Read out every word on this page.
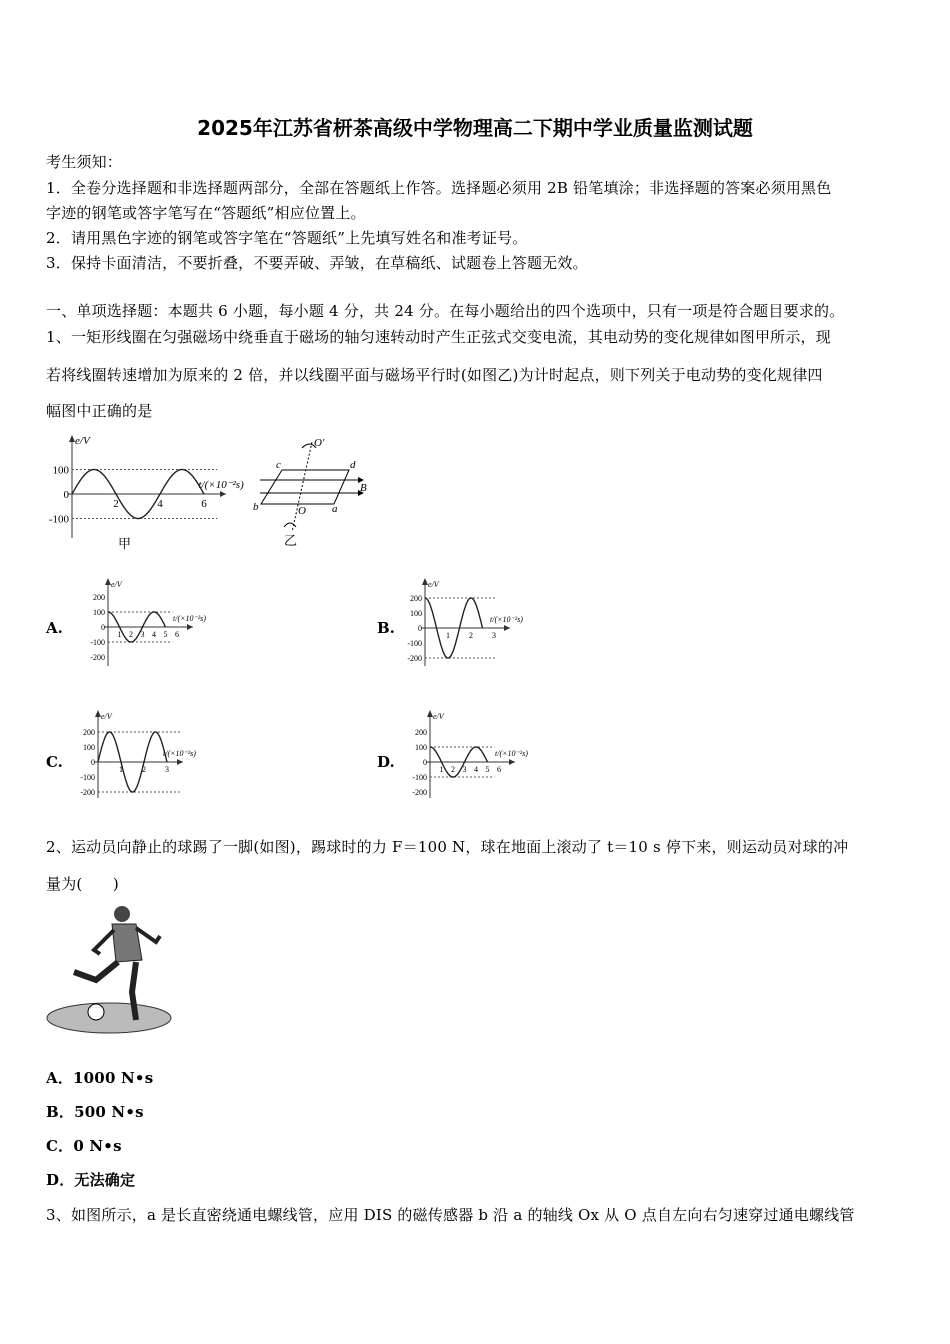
2025年江苏省枅茶高级中学物理高二下期中学业质量监测试题
考生须知：
1．全卷分选择题和非选择题两部分，全部在答题纸上作答。选择题必须用 2B 铅笔填涂；非选择题的答案必须用黑色
字迹的钢笔或答字笔写在“答题纸”相应位置上。
2．请用黑色字迹的钢笔或答字笔在“答题纸”上先填写姓名和准考证号。
3．保持卡面清洁，不要折叠，不要弄破、弄皱，在草稿纸、试题卷上答题无效。
一、单项选择题：本题共 6 小题，每小题 4 分，共 24 分。在每小题给出的四个选项中，只有一项是符合题目要求的。
1、一矩形线圈在匀强磁场中绕垂直于磁场的轴匀速转动时产生正弦式交变电流，其电动势的变化规律如图甲所示，现
若将线圈转速增加为原来的 2 倍，并以线圈平面与磁场平行时(如图乙)为计时起点，则下列关于电动势的变化规律四
幅图中正确的是
e/V
t/(×10⁻²s)
100
0
-100
2	4	6
甲
c	d
b	a
B
O
O′
乙
A.
e/V
t/(×10⁻²s)
200
100
0
-100
-200
1 2 3 4 5 6	B.
e/V
t/(×10⁻²s)
200
100
0
-100
-200
1 2 3
C.
e/V
t/(×10⁻²s)
200
100
0
-100
-200
1 2 3	D.
e/V
t/(×10⁻²s)
200
100
0
-100
-200
1 2 3 4 5 6
2、运动员向静止的球踢了一脚(如图)，踢球时的力 F＝100 N，球在地面上滚动了 t＝10 s 停下来，则运动员对球的冲
量为(　　)
A．1000 N•s
B．500 N•s
C．0 N•s
D．无法确定
3、如图所示，a 是长直密绕通电螺线管，应用 DIS 的磁传感器 b 沿 a 的轴线 Ox 从 O 点自左向右匀速穿过通电螺线管
